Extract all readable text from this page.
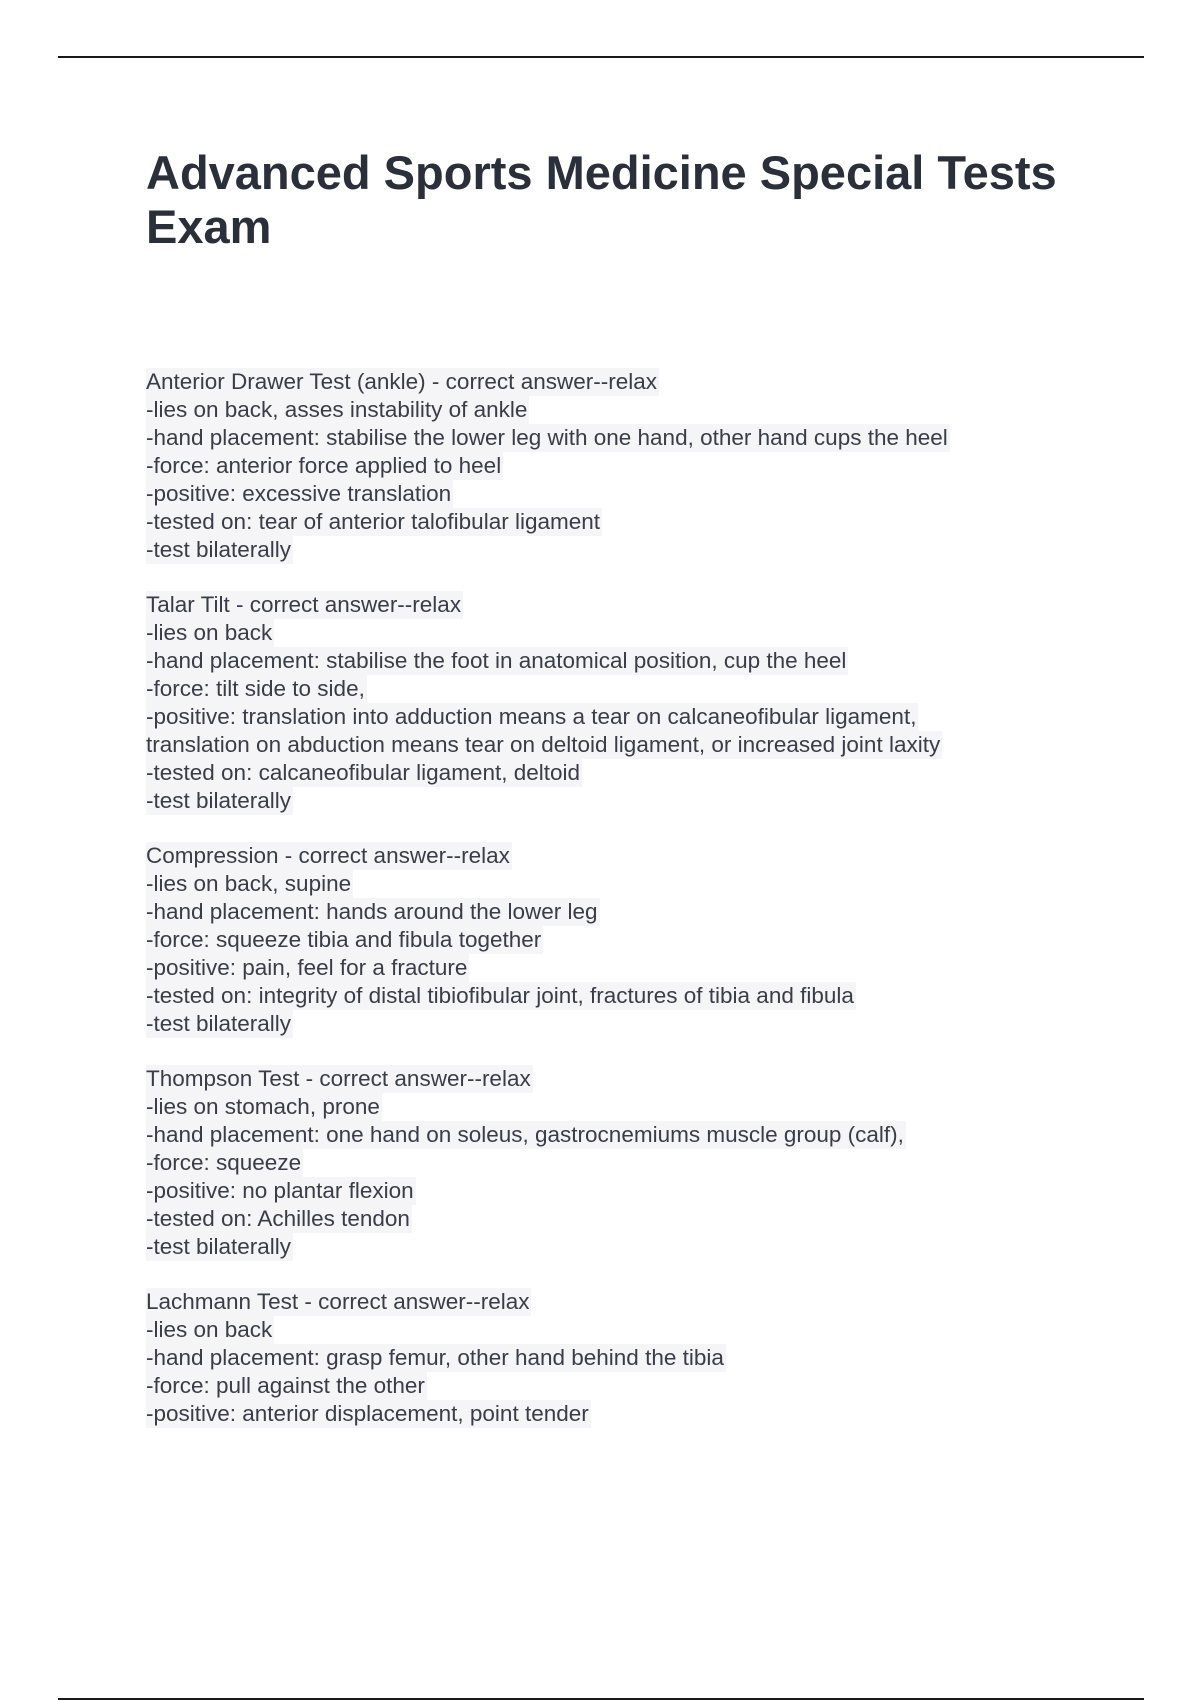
Advanced Sports Medicine Special Tests Exam
Anterior Drawer Test (ankle) - correct answer--relax
-lies on back, asses instability of ankle
-hand placement: stabilise the lower leg with one hand, other hand cups the heel
-force: anterior force applied to heel
-positive: excessive translation
-tested on: tear of anterior talofibular ligament
-test bilaterally
Talar Tilt - correct answer--relax
-lies on back
-hand placement: stabilise the foot in anatomical position, cup the heel
-force: tilt side to side,
-positive: translation into adduction means a tear on calcaneofibular ligament,
translation on abduction means tear on deltoid ligament, or increased joint laxity
-tested on: calcaneofibular ligament, deltoid
-test bilaterally
Compression - correct answer--relax
-lies on back, supine
-hand placement: hands around the lower leg
-force: squeeze tibia and fibula together
-positive: pain, feel for a fracture
-tested on: integrity of distal tibiofibular joint, fractures of tibia and fibula
-test bilaterally
Thompson Test - correct answer--relax
-lies on stomach, prone
-hand placement: one hand on soleus, gastrocnemiums muscle group (calf),
-force: squeeze
-positive: no plantar flexion
-tested on: Achilles tendon
-test bilaterally
Lachmann Test - correct answer--relax
-lies on back
-hand placement: grasp femur, other hand behind the tibia
-force: pull against the other
-positive: anterior displacement, point tender
